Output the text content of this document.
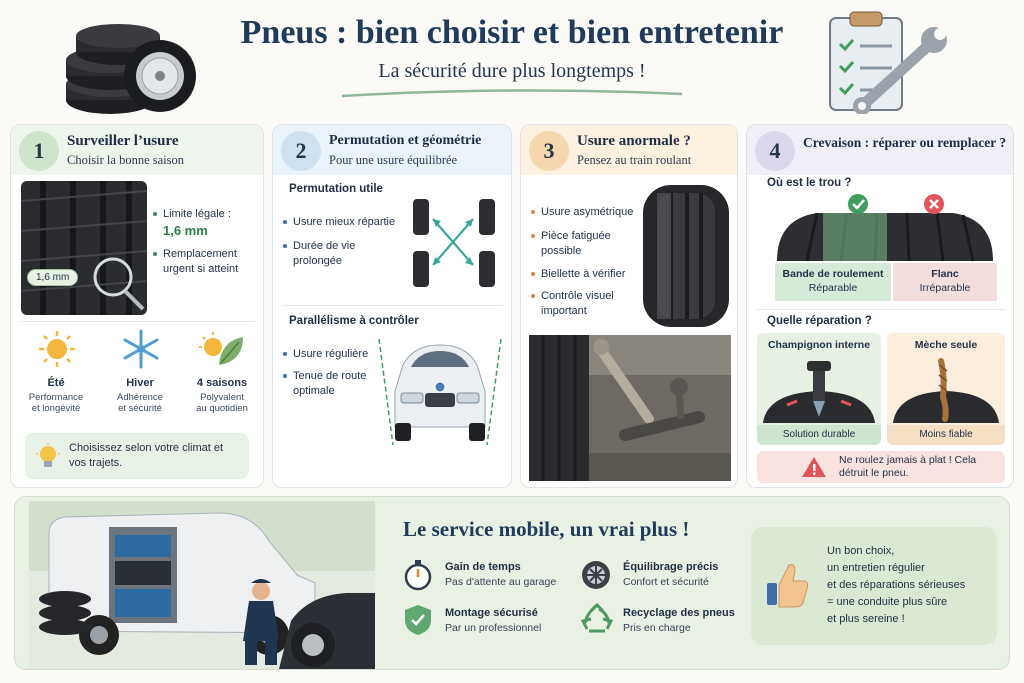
Pneus : bien choisir et bien entretenir
La sécurité dure plus longtemps !
1	Surveiller l’usure
Choisir la bonne saison
1,6 mm
Limite légale :
1,6 mm
Remplacement urgent si atteint
Été
Performance
et longévité
Hiver
Adhérence
et sécurité
4 saisons
Polyvalent
au quotidien
Choisissez selon votre climat et vos trajets.
2	Permutation et géométrie
Pour une usure équilibrée
Permutation utile
Usure mieux répartie
Durée de vie prolongée
Parallélisme à contrôler
Usure régulière
Tenue de route optimale
3	Usure anormale ?
Pensez au train roulant
Usure asymétrique
Pièce fatiguée possible
Biellette à vérifier
Contrôle visuel important
4	Crevaison : réparer ou remplacer ?
Où est le trou ?
Bande de roulement
Réparable
Flanc
Irréparable
Quelle réparation ?
Champignon interne
Solution durable
Mèche seule
Moins fiable
Ne roulez jamais à plat ! Cela détruit le pneu.
Le service mobile, un vrai plus !
Gain de temps
Pas d'attente au garage
Équilibrage précis
Confort et sécurité
Montage sécurisé
Par un professionnel
Recyclage des pneus
Pris en charge
Un bon choix,
un entretien régulier
et des réparations sérieuses
= une conduite plus sûre
et plus sereine !
